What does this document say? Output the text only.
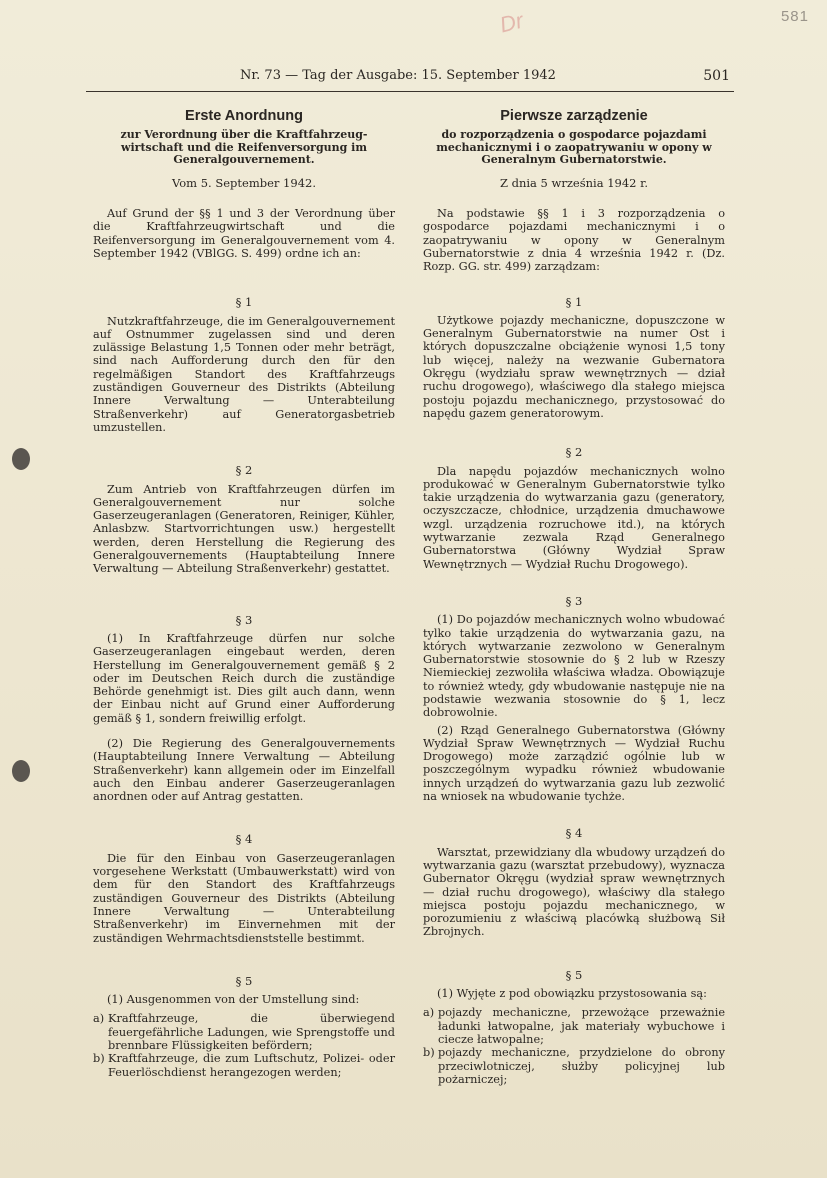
581
Dr
Nr. 73 — Tag der Ausgabe: 15. September 1942	501
Erste Anordnung
zur Verordnung über die Kraftfahrzeug-wirtschaft und die Reifenversorgung im Generalgouvernement.
Vom 5. September 1942.

Auf Grund der §§ 1 und 3 der Verordnung über die Kraftfahrzeugwirtschaft und die Reifenversorgung im Generalgouvernement vom 4. September 1942 (VBlGG. S. 499) ordne ich an:

§ 1

Nutzkraftfahrzeuge, die im Generalgouvernement auf Ostnummer zugelassen sind und deren zulässige Belastung 1,5 Tonnen oder mehr beträgt, sind nach Aufforderung durch den für den regelmäßigen Standort des Kraftfahrzeugs zuständigen Gouverneur des Distrikts (Abteilung Innere Verwaltung — Unterabteilung Straßenverkehr) auf Generatorgasbetrieb umzustellen.

§ 2

Zum Antrieb von Kraftfahrzeugen dürfen im Generalgouvernement nur solche Gaserzeugeranlagen (Generatoren, Reiniger, Kühler, Anlasbzw. Startvorrichtungen usw.) hergestellt werden, deren Herstellung die Regierung des Generalgouvernements (Hauptabteilung Innere Verwaltung — Abteilung Straßenverkehr) gestattet.

§ 3

(1) In Kraftfahrzeuge dürfen nur solche Gaserzeugeranlagen eingebaut werden, deren Herstellung im Generalgouvernement gemäß § 2 oder im Deutschen Reich durch die zuständige Behörde genehmigt ist. Dies gilt auch dann, wenn der Einbau nicht auf Grund einer Aufforderung gemäß § 1, sondern freiwillig erfolgt.

(2) Die Regierung des Generalgouvernements (Hauptabteilung Innere Verwaltung — Abteilung Straßenverkehr) kann allgemein oder im Einzelfall auch den Einbau anderer Gaserzeugeranlagen anordnen oder auf Antrag gestatten.

§ 4

Die für den Einbau von Gaserzeugeranlagen vorgesehene Werkstatt (Umbauwerkstatt) wird von dem für den Standort des Kraftfahrzeugs zuständigen Gouverneur des Distrikts (Abteilung Innere Verwaltung — Unterabteilung Straßenverkehr) im Einvernehmen mit der zuständigen Wehrmachtsdienststelle bestimmt.

§ 5

(1) Ausgenommen von der Umstellung sind:

a) Kraftfahrzeuge, die überwiegend feuergefährliche Ladungen, wie Sprengstoffe und brennbare Flüssigkeiten befördern;
b) Kraftfahrzeuge, die zum Luftschutz, Polizei- oder Feuerlöschdienst herangezogen werden;
Pierwsze zarządzenie
do rozporządzenia o gospodarce pojazdami mechanicznymi i o zaopatrywaniu w opony w Generalnym Gubernatorstwie.
Z dnia 5 września 1942 r.

Na podstawie §§ 1 i 3 rozporządzenia o gospodarce pojazdami mechanicznymi i o zaopatrywaniu w opony w Generalnym Gubernatorstwie z dnia 4 września 1942 r. (Dz. Rozp. GG. str. 499) zarządzam:

§ 1

Użytkowe pojazdy mechaniczne, dopuszczone w Generalnym Gubernatorstwie na numer Ost i których dopuszczalne obciążenie wynosi 1,5 tony lub więcej, należy na wezwanie Gubernatora Okręgu (wydziału spraw wewnętrznych — dział ruchu drogowego), właściwego dla stałego miejsca postoju pojazdu mechanicznego, przystosować do napędu gazem generatorowym.

§ 2

Dla napędu pojazdów mechanicznych wolno produkować w Generalnym Gubernatorstwie tylko takie urządzenia do wytwarzania gazu (generatory, oczyszczacze, chłodnice, urządzenia dmuchawowe wzgl. urządzenia rozruchowe itd.), na których wytwarzanie zezwala Rząd Generalnego Gubernatorstwa (Główny Wydział Spraw Wewnętrznych — Wydział Ruchu Drogowego).

§ 3

(1) Do pojazdów mechanicznych wolno wbudować tylko takie urządzenia do wytwarzania gazu, na których wytwarzanie zezwolono w Generalnym Gubernatorstwie stosownie do § 2 lub w Rzeszy Niemieckiej zezwoliła właściwa władza. Obowiązuje to również wtedy, gdy wbudowanie następuje nie na podstawie wezwania stosownie do § 1, lecz dobrowolnie.

(2) Rząd Generalnego Gubernatorstwa (Główny Wydział Spraw Wewnętrznych — Wydział Ruchu Drogowego) może zarządzić ogólnie lub w poszczególnym wypadku również wbudowanie innych urządzeń do wytwarzania gazu lub zezwolić na wniosek na wbudowanie tychże.

§ 4

Warsztat, przewidziany dla wbudowy urządzeń do wytwarzania gazu (warsztat przebudowy), wyznacza Gubernator Okręgu (wydział spraw wewnętrznych — dział ruchu drogowego), właściwy dla stałego miejsca postoju pojazdu mechanicznego, w porozumieniu z właściwą placówką służbową Sił Zbrojnych.

§ 5

(1) Wyjęte z pod obowiązku przystosowania są:

a) pojazdy mechaniczne, przewożące przeważnie ładunki łatwopalne, jak materiały wybuchowe i ciecze łatwopalne;
b) pojazdy mechaniczne, przydzielone do obrony przeciwlotniczej, służby policyjnej lub pożarniczej;
